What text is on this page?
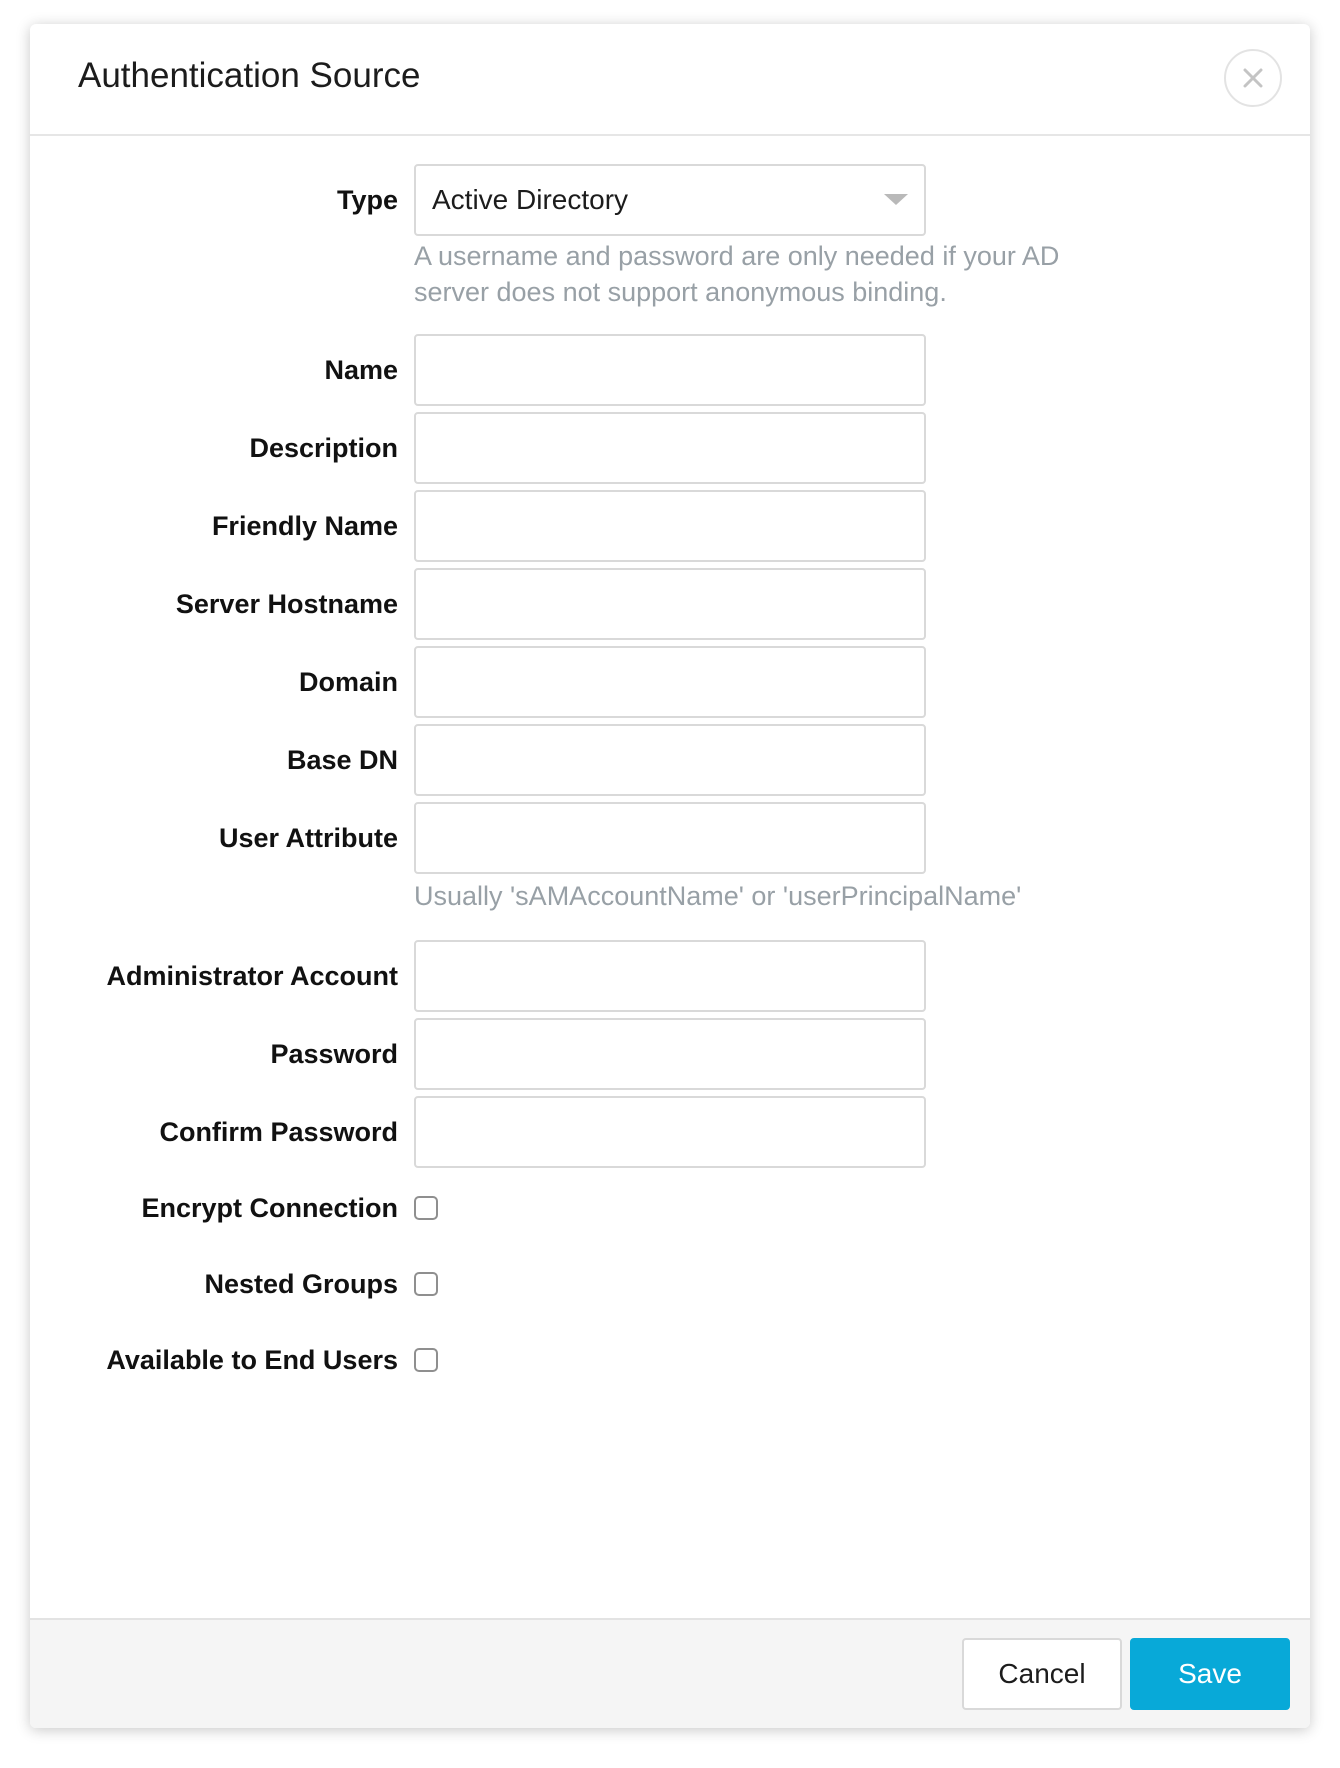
Authentication Source
Type Active Directory
A username and password are only needed if your AD server does not support anonymous binding.
Name
Description
Friendly Name
Server Hostname
Domain
Base DN
User Attribute
Usually 'sAMAccountName' or 'userPrincipalName'
Administrator Account
Password
Confirm Password
Encrypt Connection
Nested Groups
Available to End Users
Cancel	Save
